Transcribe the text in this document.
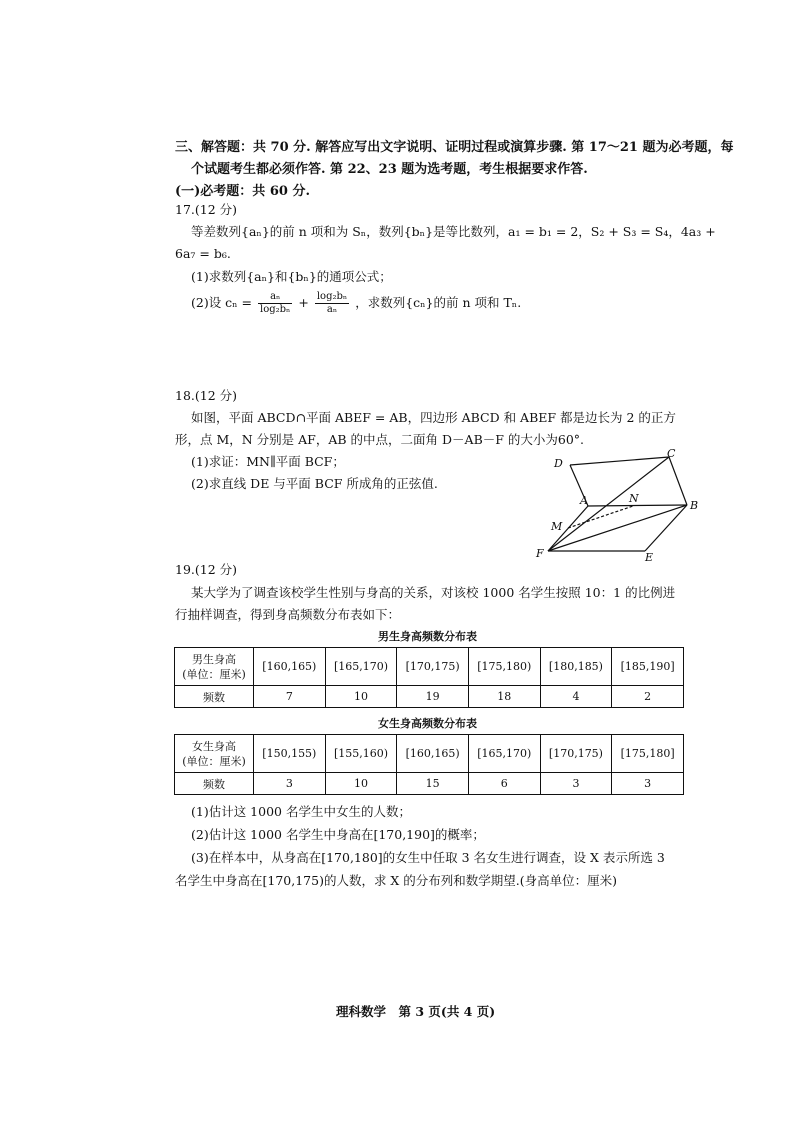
三、解答题：共 70 分. 解答应写出文字说明、证明过程或演算步骤. 第 17～21 题为必考题，每
个试题考生都必须作答. 第 22、23 题为选考题，考生根据要求作答.
(一)必考题：共 60 分.
17.(12 分)
等差数列{aₙ}的前 n 项和为 Sₙ，数列{bₙ}是等比数列，a₁ = b₁ = 2，S₂ + S₃ = S₄，4a₃ +
6a₇ = b₆.
(1)求数列{aₙ}和{bₙ}的通项公式；
(2)设 $c_n = \frac{\text{aₙ}}{\text{log₂bₙ}} + \frac{\text{log₂bₙ}}{\text{aₙ}}$ ，求数列{cₙ}的前 n 项和 Tₙ.
18.(12 分)
如图，平面 ABCD∩平面 ABEF = AB，四边形 ABCD 和 ABEF 都是边长为 2 的正方
形，点 M，N 分别是 AF，AB 的中点，二面角 D－AB－F 的大小为60°.
(1)求证：MN∥平面 BCF；
(2)求直线 DE 与平面 BCF 所成角的正弦值.
D
C
A	N
B
M
F	E
19.(12 分)
某大学为了调查该校学生性别与身高的关系，对该校 1000 名学生按照 10：1 的比例进
行抽样调查，得到身高频数分布表如下：
男生身高频数分布表
男生身高
(单位：厘米)	[160,165)	[165,170)	[170,175)	[175,180)	[180,185)	[185,190]
频数	7	10	19	18	4	2
女生身高频数分布表
女生身高
(单位：厘米)	[150,155)	[155,160)	[160,165)	[165,170)	[170,175)	[175,180]
频数	3	10	15	6	3	3
(1)估计这 1000 名学生中女生的人数；
(2)估计这 1000 名学生中身高在[170,190]的概率；
(3)在样本中，从身高在[170,180]的女生中任取 3 名女生进行调查，设 X 表示所选 3
名学生中身高在[170,175)的人数，求 X 的分布列和数学期望.(身高单位：厘米)
理科数学　第 3 页(共 4 页)
